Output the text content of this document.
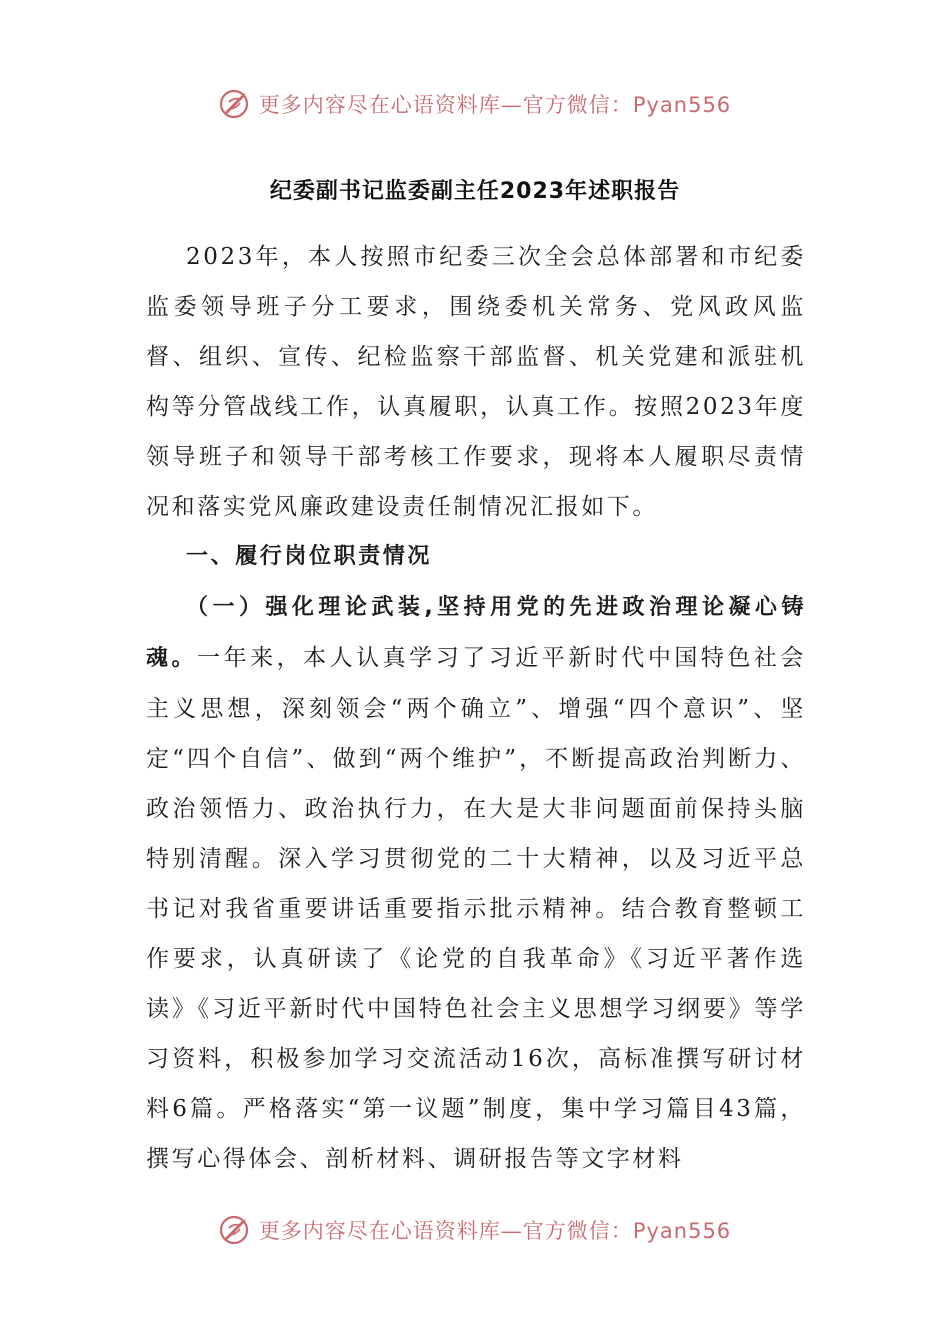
更多内容尽在心语资料库—官方微信：Pyan556
纪委副书记监委副主任2023年述职报告

2023年，本人按照市纪委三次全会总体部署和市纪委监委领导班子分工要求，围绕委机关常务、党风政风监督、组织、宣传、纪检监察干部监督、机关党建和派驻机构等分管战线工作，认真履职，认真工作。按照2023年度领导班子和领导干部考核工作要求，现将本人履职尽责情况和落实党风廉政建设责任制情况汇报如下。

一、履行岗位职责情况

（一）强化理论武装,坚持用党的先进政治理论凝心铸魂。一年来，本人认真学习了习近平新时代中国特色社会主义思想，深刻领会“两个确立”、增强“四个意识”、坚定“四个自信”、做到“两个维护”，不断提高政治判断力、政治领悟力、政治执行力，在大是大非问题面前保持头脑特别清醒。深入学习贯彻党的二十大精神，以及习近平总书记对我省重要讲话重要指示批示精神。结合教育整顿工作要求，认真研读了《论党的自我革命》《习近平著作选读》《习近平新时代中国特色社会主义思想学习纲要》等学习资料，积极参加学习交流活动16次，高标准撰写研讨材料6篇。严格落实“第一议题”制度，集中学习篇目43篇，撰写心得体会、剖析材料、调研报告等文字材料

更多内容尽在心语资料库—官方微信：Pyan556
